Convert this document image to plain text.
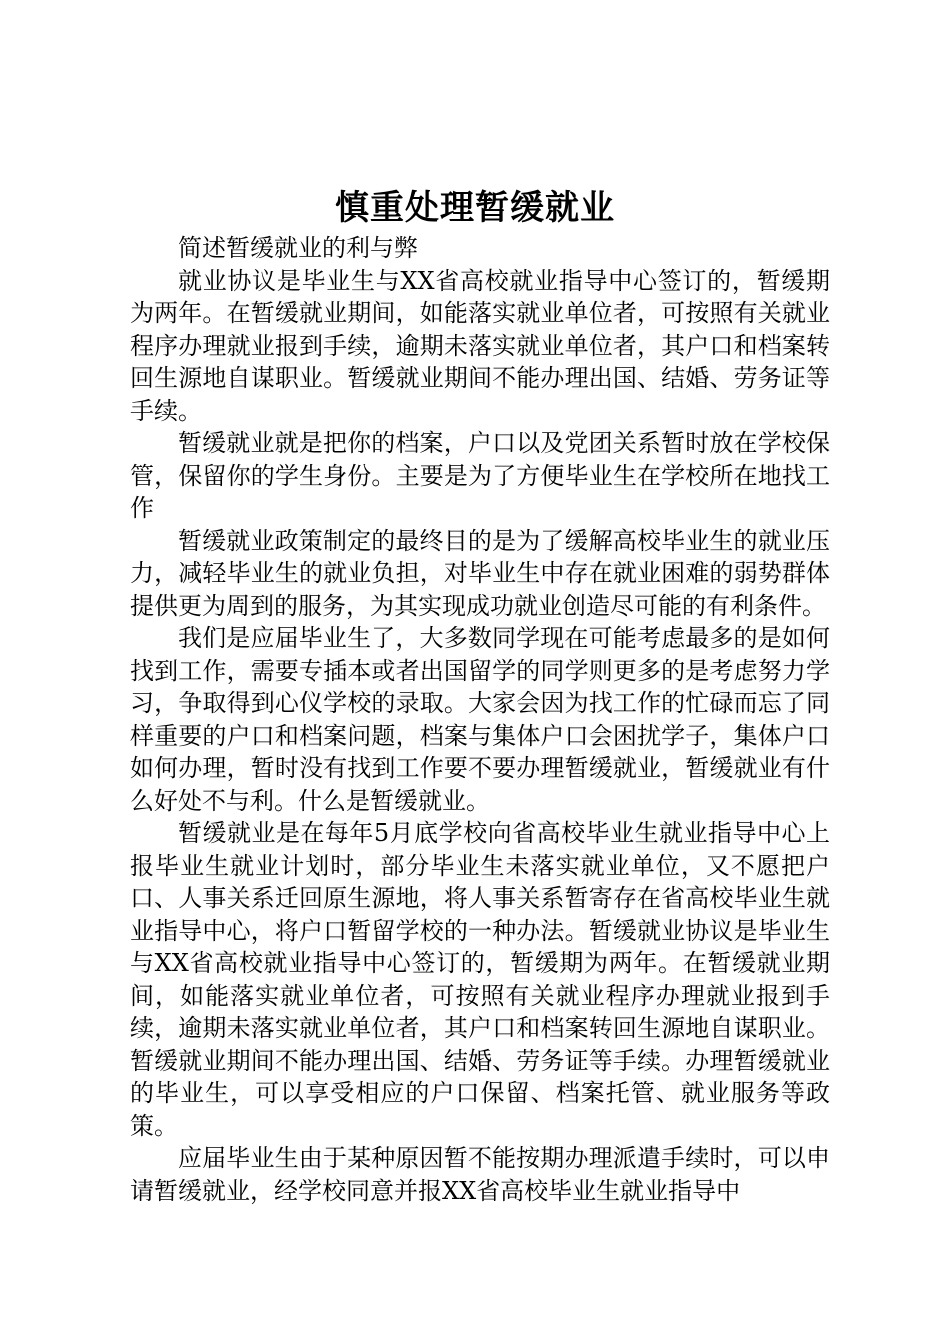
慎重处理暂缓就业

简述暂缓就业的利与弊

就业协议是毕业生与XX省高校就业指导中心签订的，暂缓期为两年。在暂缓就业期间，如能落实就业单位者，可按照有关就业程序办理就业报到手续，逾期未落实就业单位者，其户口和档案转回生源地自谋职业。暂缓就业期间不能办理出国、结婚、劳务证等手续。

暂缓就业就是把你的档案，户口以及党团关系暂时放在学校保管，保留你的学生身份。主要是为了方便毕业生在学校所在地找工作

暂缓就业政策制定的最终目的是为了缓解高校毕业生的就业压力，减轻毕业生的就业负担，对毕业生中存在就业困难的弱势群体提供更为周到的服务，为其实现成功就业创造尽可能的有利条件。

我们是应届毕业生了，大多数同学现在可能考虑最多的是如何找到工作，需要专插本或者出国留学的同学则更多的是考虑努力学习，争取得到心仪学校的录取。大家会因为找工作的忙碌而忘了同样重要的户口和档案问题，档案与集体户口会困扰学子，集体户口如何办理，暂时没有找到工作要不要办理暂缓就业，暂缓就业有什么好处不与利。什么是暂缓就业。

暂缓就业是在每年5月底学校向省高校毕业生就业指导中心上报毕业生就业计划时，部分毕业生未落实就业单位，又不愿把户口、人事关系迁回原生源地，将人事关系暂寄存在省高校毕业生就业指导中心，将户口暂留学校的一种办法。暂缓就业协议是毕业生与XX省高校就业指导中心签订的，暂缓期为两年。在暂缓就业期间，如能落实就业单位者，可按照有关就业程序办理就业报到手续，逾期未落实就业单位者，其户口和档案转回生源地自谋职业。暂缓就业期间不能办理出国、结婚、劳务证等手续。办理暂缓就业的毕业生，可以享受相应的户口保留、档案托管、就业服务等政策。

应届毕业生由于某种原因暂不能按期办理派遣手续时，可以申请暂缓就业，经学校同意并报XX省高校毕业生就业指导中
